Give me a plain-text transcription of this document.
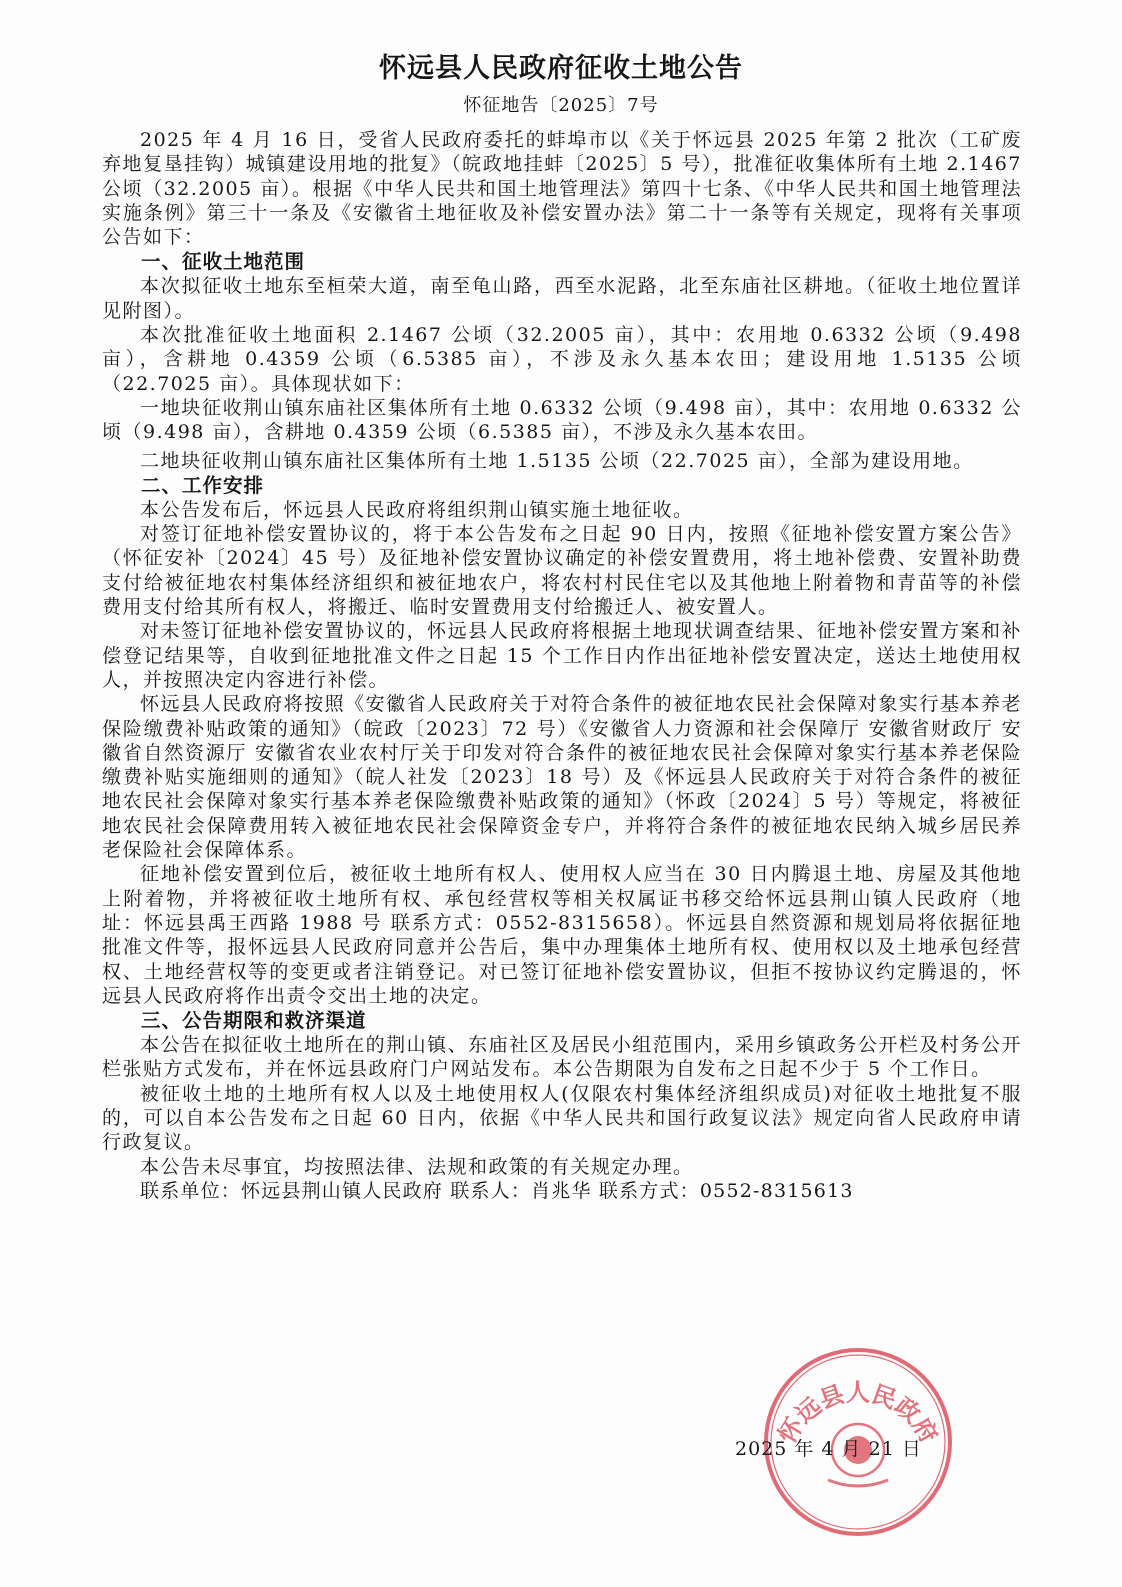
怀远县人民政府征收土地公告
怀征地告〔2025〕7号

2025 年 4 月 16 日，受省人民政府委托的蚌埠市以《关于怀远县 2025 年第 2 批次（工矿废弃地复垦挂钩）城镇建设用地的批复》（皖政地挂蚌〔2025〕5 号），批准征收集体所有土地 2.1467 公顷（32.2005 亩）。根据《中华人民共和国土地管理法》第四十七条、《中华人民共和国土地管理法实施条例》第三十一条及《安徽省土地征收及补偿安置办法》第二十一条等有关规定，现将有关事项公告如下：

一、征收土地范围

本次拟征收土地东至桓荣大道，南至龟山路，西至水泥路，北至东庙社区耕地。（征收土地位置详见附图）。

本次批准征收土地面积 2.1467 公顷（32.2005 亩），其中：农用地 0.6332 公顷（9.498 亩），含耕地 0.4359 公顷（6.5385 亩），不涉及永久基本农田；建设用地 1.5135 公顷（22.7025 亩）。具体现状如下：

一地块征收荆山镇东庙社区集体所有土地 0.6332 公顷（9.498 亩），其中：农用地 0.6332 公顷（9.498 亩），含耕地 0.4359 公顷（6.5385 亩），不涉及永久基本农田。

二地块征收荆山镇东庙社区集体所有土地 1.5135 公顷（22.7025 亩），全部为建设用地。

二、工作安排

本公告发布后，怀远县人民政府将组织荆山镇实施土地征收。

对签订征地补偿安置协议的，将于本公告发布之日起 90 日内，按照《征地补偿安置方案公告》（怀征安补〔2024〕45 号）及征地补偿安置协议确定的补偿安置费用，将土地补偿费、安置补助费支付给被征地农村集体经济组织和被征地农户，将农村村民住宅以及其他地上附着物和青苗等的补偿费用支付给其所有权人，将搬迁、临时安置费用支付给搬迁人、被安置人。

对未签订征地补偿安置协议的，怀远县人民政府将根据土地现状调查结果、征地补偿安置方案和补偿登记结果等，自收到征地批准文件之日起 15 个工作日内作出征地补偿安置决定，送达土地使用权人，并按照决定内容进行补偿。

怀远县人民政府将按照《安徽省人民政府关于对符合条件的被征地农民社会保障对象实行基本养老保险缴费补贴政策的通知》（皖政〔2023〕72 号）《安徽省人力资源和社会保障厅 安徽省财政厅 安徽省自然资源厅 安徽省农业农村厅关于印发对符合条件的被征地农民社会保障对象实行基本养老保险缴费补贴实施细则的通知》（皖人社发〔2023〕18 号）及《怀远县人民政府关于对符合条件的被征地农民社会保障对象实行基本养老保险缴费补贴政策的通知》（怀政〔2024〕5 号）等规定，将被征地农民社会保障费用转入被征地农民社会保障资金专户，并将符合条件的被征地农民纳入城乡居民养老保险社会保障体系。

征地补偿安置到位后，被征收土地所有权人、使用权人应当在 30 日内腾退土地、房屋及其他地上附着物，并将被征收土地所有权、承包经营权等相关权属证书移交给怀远县荆山镇人民政府（地址：怀远县禹王西路 1988 号 联系方式：0552-8315658）。怀远县自然资源和规划局将依据征地批准文件等，报怀远县人民政府同意并公告后，集中办理集体土地所有权、使用权以及土地承包经营权、土地经营权等的变更或者注销登记。对已签订征地补偿安置协议，但拒不按协议约定腾退的，怀远县人民政府将作出责令交出土地的决定。

三、公告期限和救济渠道

本公告在拟征收土地所在的荆山镇、东庙社区及居民小组范围内，采用乡镇政务公开栏及村务公开栏张贴方式发布，并在怀远县政府门户网站发布。本公告期限为自发布之日起不少于 5 个工作日。

被征收土地的土地所有权人以及土地使用权人(仅限农村集体经济组织成员)对征收土地批复不服的，可以自本公告发布之日起 60 日内，依据《中华人民共和国行政复议法》规定向省人民政府申请行政复议。

本公告未尽事宜，均按照法律、法规和政策的有关规定办理。

联系单位：怀远县荆山镇人民政府 联系人：肖兆华 联系方式：0552-8315613

怀远县人民政府
2025 年 4 月 21 日
